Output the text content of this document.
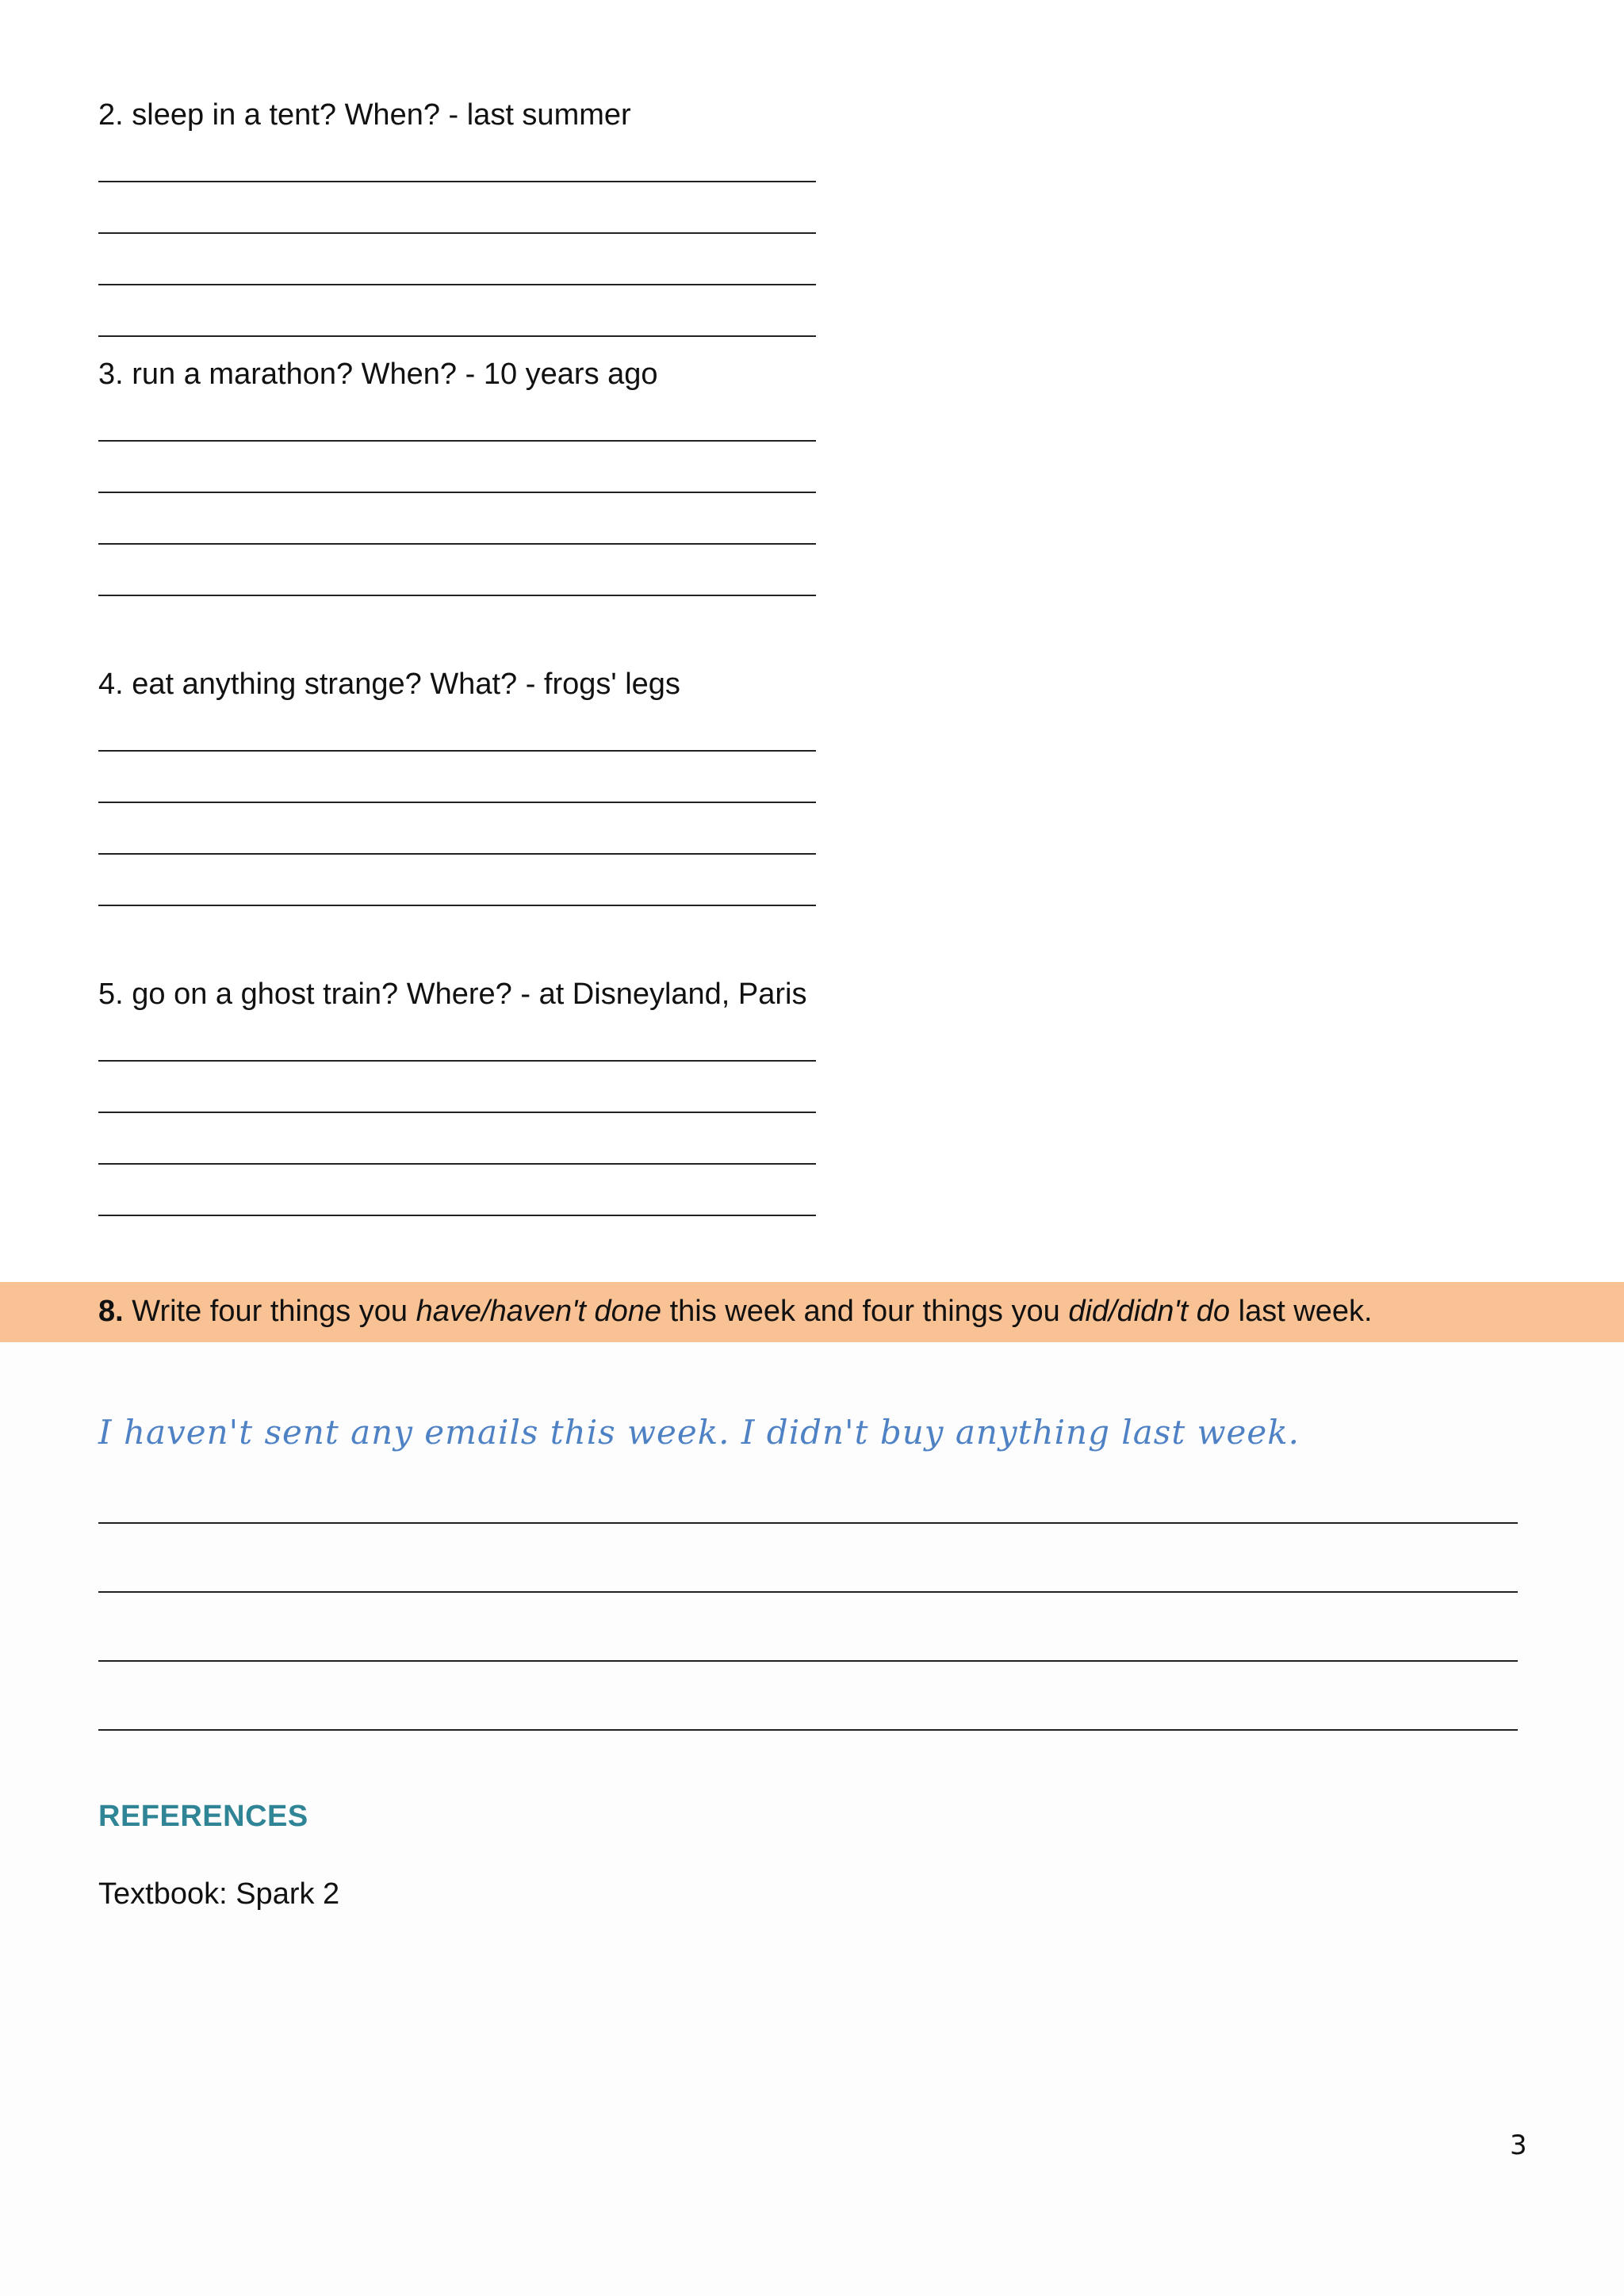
2. sleep in a tent? When? - last summer

3. run a marathon? When? - 10 years ago

4. eat anything strange? What? - frogs' legs

5. go on a ghost train? Where? - at Disneyland, Paris

8. Write four things you have/haven't done this week and four things you did/didn't do last week.
I haven't sent any emails this week. I didn't buy anything last week.
REFERENCES
Textbook: Spark 2
3
